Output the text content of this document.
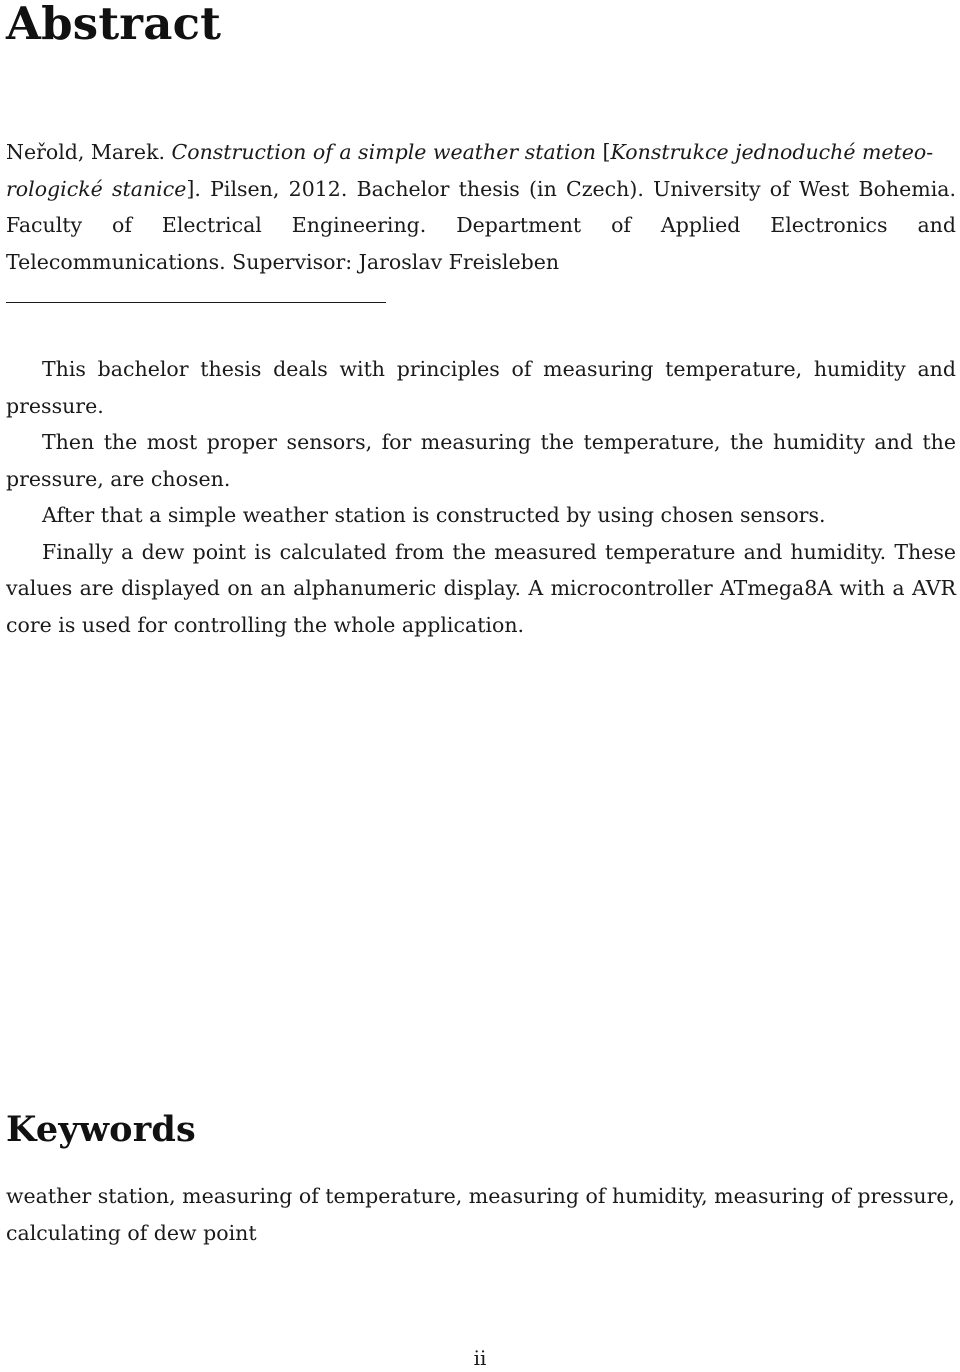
Abstract

Neřold, Marek. Construction of a simple weather station [Konstrukce jednoduché meteo-
rologické stanice]. Pilsen, 2012. Bachelor thesis (in Czech). University of West Bohemia. Faculty of Electrical Engineering. Department of Applied Electronics and Telecommunications. Supervisor: Jaroslav Freisleben

This bachelor thesis deals with principles of measuring temperature, humidity and pressure.

Then the most proper sensors, for measuring the temperature, the humidity and the pressure, are chosen.

After that a simple weather station is constructed by using chosen sensors.

Finally a dew point is calculated from the measured temperature and humidity. These values are displayed on an alphanumeric display. A microcontroller ATmega8A with a AVR core is used for controlling the whole application.

Keywords

weather station, measuring of temperature, measuring of humidity, measuring of pressure, calculating of dew point

ii
